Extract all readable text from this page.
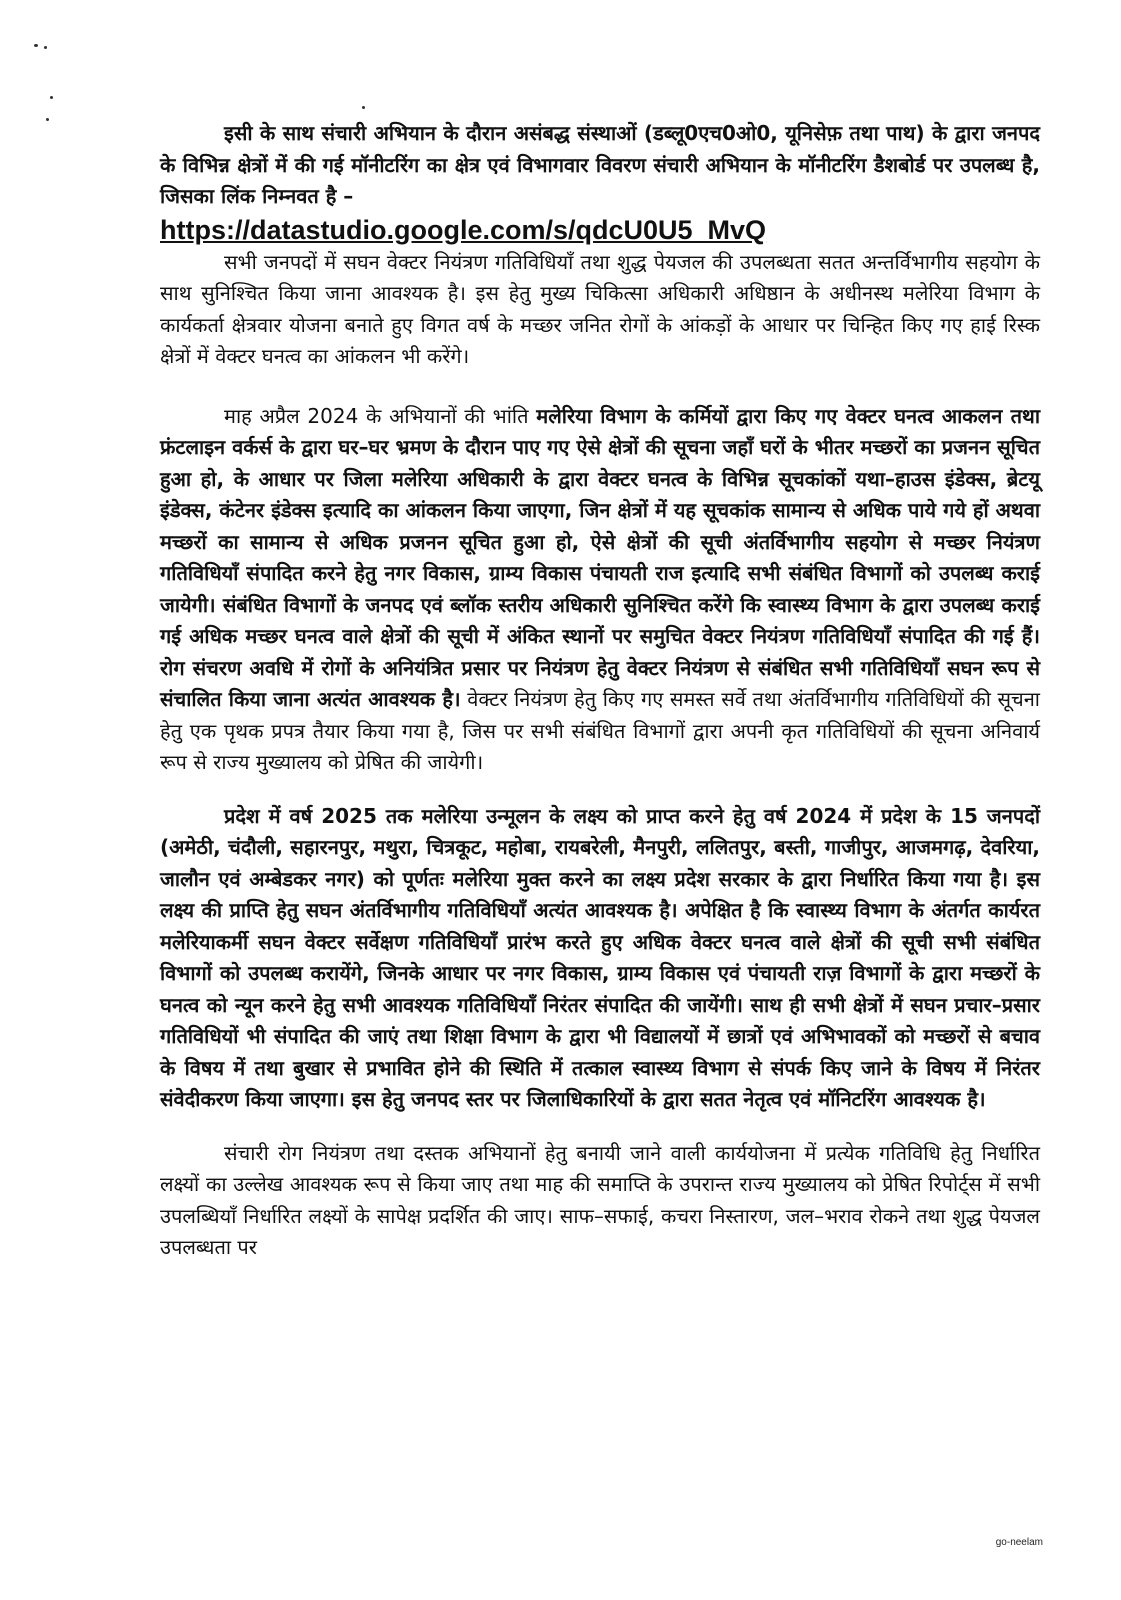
इसी के साथ संचारी अभियान के दौरान असंबद्ध संस्थाओं (डब्लू0एच0ओ0, यूनिसेफ़ तथा पाथ) के द्वारा जनपद के विभिन्न क्षेत्रों में की गई मॉनीटरिंग का क्षेत्र एवं विभागवार विवरण संचारी अभियान के मॉनीटरिंग डैशबोर्ड पर उपलब्ध है, जिसका लिंक निम्नवत है –

https://datastudio.google.com/s/qdcU0U5_MvQ

सभी जनपदों में सघन वेक्टर नियंत्रण गतिविधियाँ तथा शुद्ध पेयजल की उपलब्धता सतत अन्तर्विभागीय सहयोग के साथ सुनिश्चित किया जाना आवश्यक है। इस हेतु मुख्य चिकित्सा अधिकारी अधिष्ठान के अधीनस्थ मलेरिया विभाग के कार्यकर्ता क्षेत्रवार योजना बनाते हुए विगत वर्ष के मच्छर जनित रोगों के आंकड़ों के आधार पर चिन्हित किए गए हाई रिस्क क्षेत्रों में वेक्टर घनत्व का आंकलन भी करेंगे।

माह अप्रैल 2024 के अभियानों की भांति मलेरिया विभाग के कर्मियों द्वारा किए गए वेक्टर घनत्व आकलन तथा फ्रंटलाइन वर्कर्स के द्वारा घर–घर भ्रमण के दौरान पाए गए ऐसे क्षेत्रों की सूचना जहाँ घरों के भीतर मच्छरों का प्रजनन सूचित हुआ हो, के आधार पर जिला मलेरिया अधिकारी के द्वारा वेक्टर घनत्व के विभिन्न सूचकांकों यथा–हाउस इंडेक्स, ब्रेटयू इंडेक्स, कंटेनर इंडेक्स इत्यादि का आंकलन किया जाएगा, जिन क्षेत्रों में यह सूचकांक सामान्य से अधिक पाये गये हों अथवा मच्छरों का सामान्य से अधिक प्रजनन सूचित हुआ हो, ऐसे क्षेत्रों की सूची अंतर्विभागीय सहयोग से मच्छर नियंत्रण गतिविधियाँ संपादित करने हेतु नगर विकास, ग्राम्य विकास पंचायती राज इत्यादि सभी संबंधित विभागों को उपलब्ध कराई जायेगी। संबंधित विभागों के जनपद एवं ब्लॉक स्तरीय अधिकारी सुनिश्चित करेंगे कि स्वास्थ्य विभाग के द्वारा उपलब्ध कराई गई अधिक मच्छर घनत्व वाले क्षेत्रों की सूची में अंकित स्थानों पर समुचित वेक्टर नियंत्रण गतिविधियाँ संपादित की गई हैं। रोग संचरण अवधि में रोगों के अनियंत्रित प्रसार पर नियंत्रण हेतु वेक्टर नियंत्रण से संबंधित सभी गतिविधियाँ सघन रूप से संचालित किया जाना अत्यंत आवश्यक है। वेक्टर नियंत्रण हेतु किए गए समस्त सर्वे तथा अंतर्विभागीय गतिविधियों की सूचना हेतु एक पृथक प्रपत्र तैयार किया गया है, जिस पर सभी संबंधित विभागों द्वारा अपनी कृत गतिविधियों की सूचना अनिवार्य रूप से राज्य मुख्यालय को प्रेषित की जायेगी।

प्रदेश में वर्ष 2025 तक मलेरिया उन्मूलन के लक्ष्य को प्राप्त करने हेतु वर्ष 2024 में प्रदेश के 15 जनपदों (अमेठी, चंदौली, सहारनपुर, मथुरा, चित्रकूट, महोबा, रायबरेली, मैनपुरी, ललितपुर, बस्ती, गाजीपुर, आजमगढ़, देवरिया, जालौन एवं अम्बेडकर नगर) को पूर्णतः मलेरिया मुक्त करने का लक्ष्य प्रदेश सरकार के द्वारा निर्धारित किया गया है। इस लक्ष्य की प्राप्ति हेतु सघन अंतर्विभागीय गतिविधियाँ अत्यंत आवश्यक है। अपेक्षित है कि स्वास्थ्य विभाग के अंतर्गत कार्यरत मलेरियाकर्मी सघन वेक्टर सर्वेक्षण गतिविधियाँ प्रारंभ करते हुए अधिक वेक्टर घनत्व वाले क्षेत्रों की सूची सभी संबंधित विभागों को उपलब्ध करायेंगे, जिनके आधार पर नगर विकास, ग्राम्य विकास एवं पंचायती राज़ विभागों के द्वारा मच्छरों के घनत्व को न्यून करने हेतु सभी आवश्यक गतिविधियाँ निरंतर संपादित की जायेंगी। साथ ही सभी क्षेत्रों में सघन प्रचार–प्रसार गतिविधियों भी संपादित की जाएं तथा शिक्षा विभाग के द्वारा भी विद्यालयों में छात्रों एवं अभिभावकों को मच्छरों से बचाव के विषय में तथा बुखार से प्रभावित होने की स्थिति में तत्काल स्वास्थ्य विभाग से संपर्क किए जाने के विषय में निरंतर संवेदीकरण किया जाएगा। इस हेतु जनपद स्तर पर जिलाधिकारियों के द्वारा सतत नेतृत्व एवं मॉनिटरिंग आवश्यक है।

संचारी रोग नियंत्रण तथा दस्तक अभियानों हेतु बनायी जाने वाली कार्ययोजना में प्रत्येक गतिविधि हेतु निर्धारित लक्ष्यों का उल्लेख आवश्यक रूप से किया जाए तथा माह की समाप्ति के उपरान्त राज्य मुख्यालय को प्रेषित रिपोर्ट्स में सभी उपलब्धियाँ निर्धारित लक्ष्यों के सापेक्ष प्रदर्शित की जाए। साफ–सफाई, कचरा निस्तारण, जल–भराव रोकने तथा शुद्ध पेयजल उपलब्धता पर

go-neelam
